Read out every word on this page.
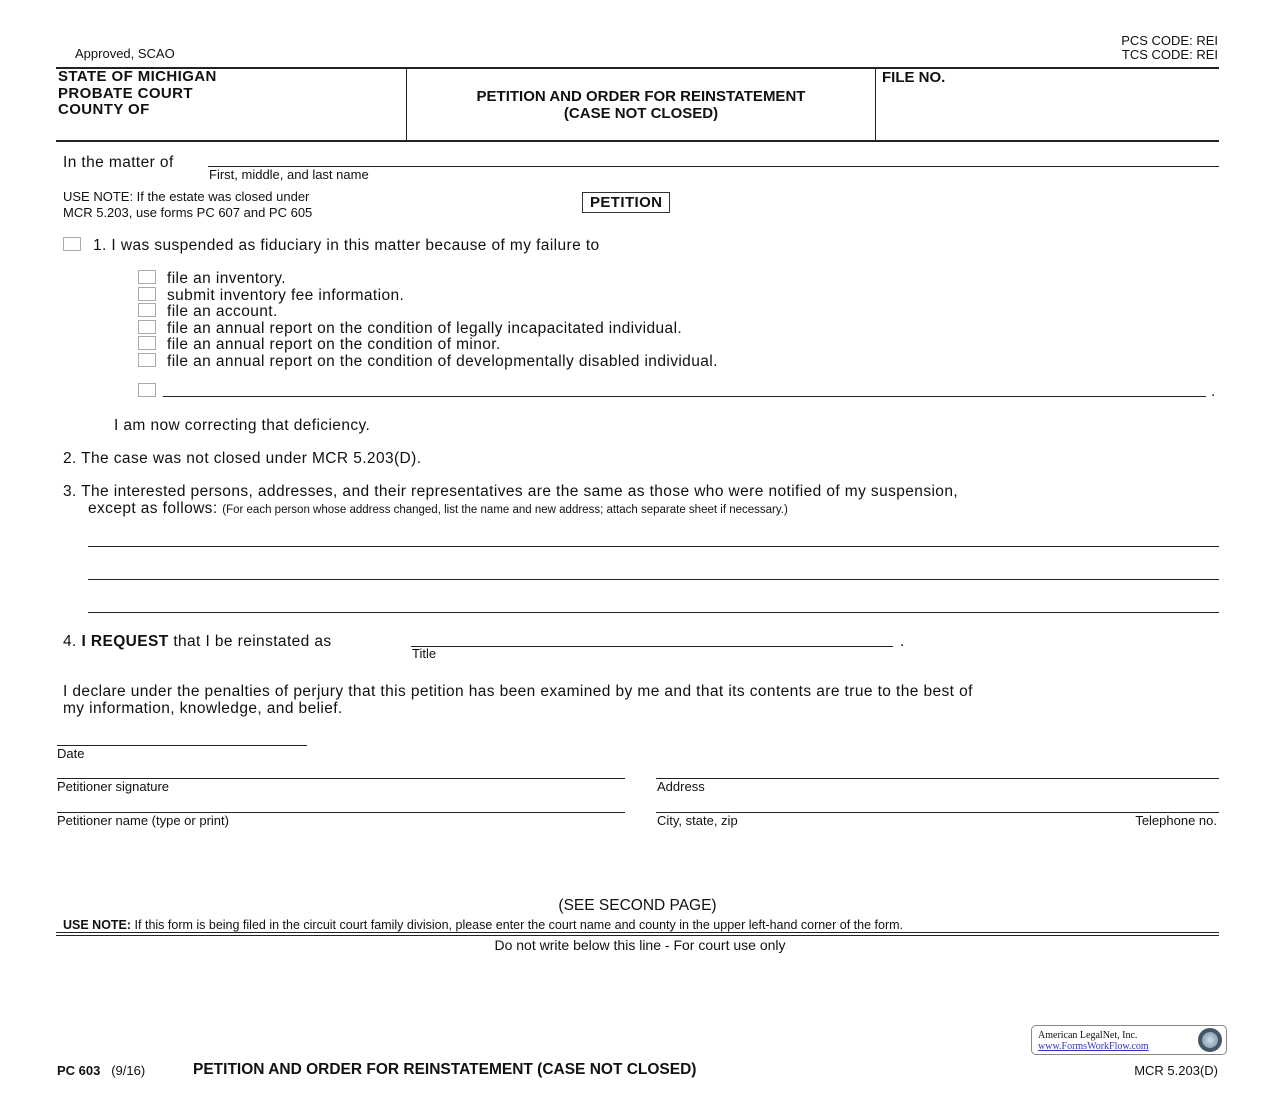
Approved, SCAO
PCS CODE: REI
TCS CODE: REI
STATE OF MICHIGAN
PROBATE COURT
COUNTY OF
PETITION AND ORDER FOR REINSTATEMENT
(CASE NOT CLOSED)
FILE NO.
In the matter of
First, middle, and last name
USE NOTE: If the estate was closed under
MCR 5.203, use forms PC 607 and PC 605
PETITION
1. I was suspended as fiduciary in this matter because of my failure to
file an inventory.
submit inventory fee information.
file an account.
file an annual report on the condition of legally incapacitated individual.
file an annual report on the condition of minor.
file an annual report on the condition of developmentally disabled individual.
.
I am now correcting that deficiency.
2. The case was not closed under MCR 5.203(D).
3. The interested persons, addresses, and their representatives are the same as those who were notified of my suspension,
except as follows: (For each person whose address changed, list the name and new address; attach separate sheet if necessary.)
4. I REQUEST that I be reinstated as
Title
.
I declare under the penalties of perjury that this petition has been examined by me and that its contents are true to the best of
my information, knowledge, and belief.
Date
Petitioner signature	Address
Petitioner name (type or print)	City, state, zip	Telephone no.
(SEE SECOND PAGE)
USE NOTE: If this form is being filed in the circuit court family division, please enter the court name and county in the upper left-hand corner of the form.
Do not write below this line - For court use only
American LegalNet, Inc.
www.FormsWorkFlow.com
PC 603 (9/16)	PETITION AND ORDER FOR REINSTATEMENT (CASE NOT CLOSED)	MCR 5.203(D)
